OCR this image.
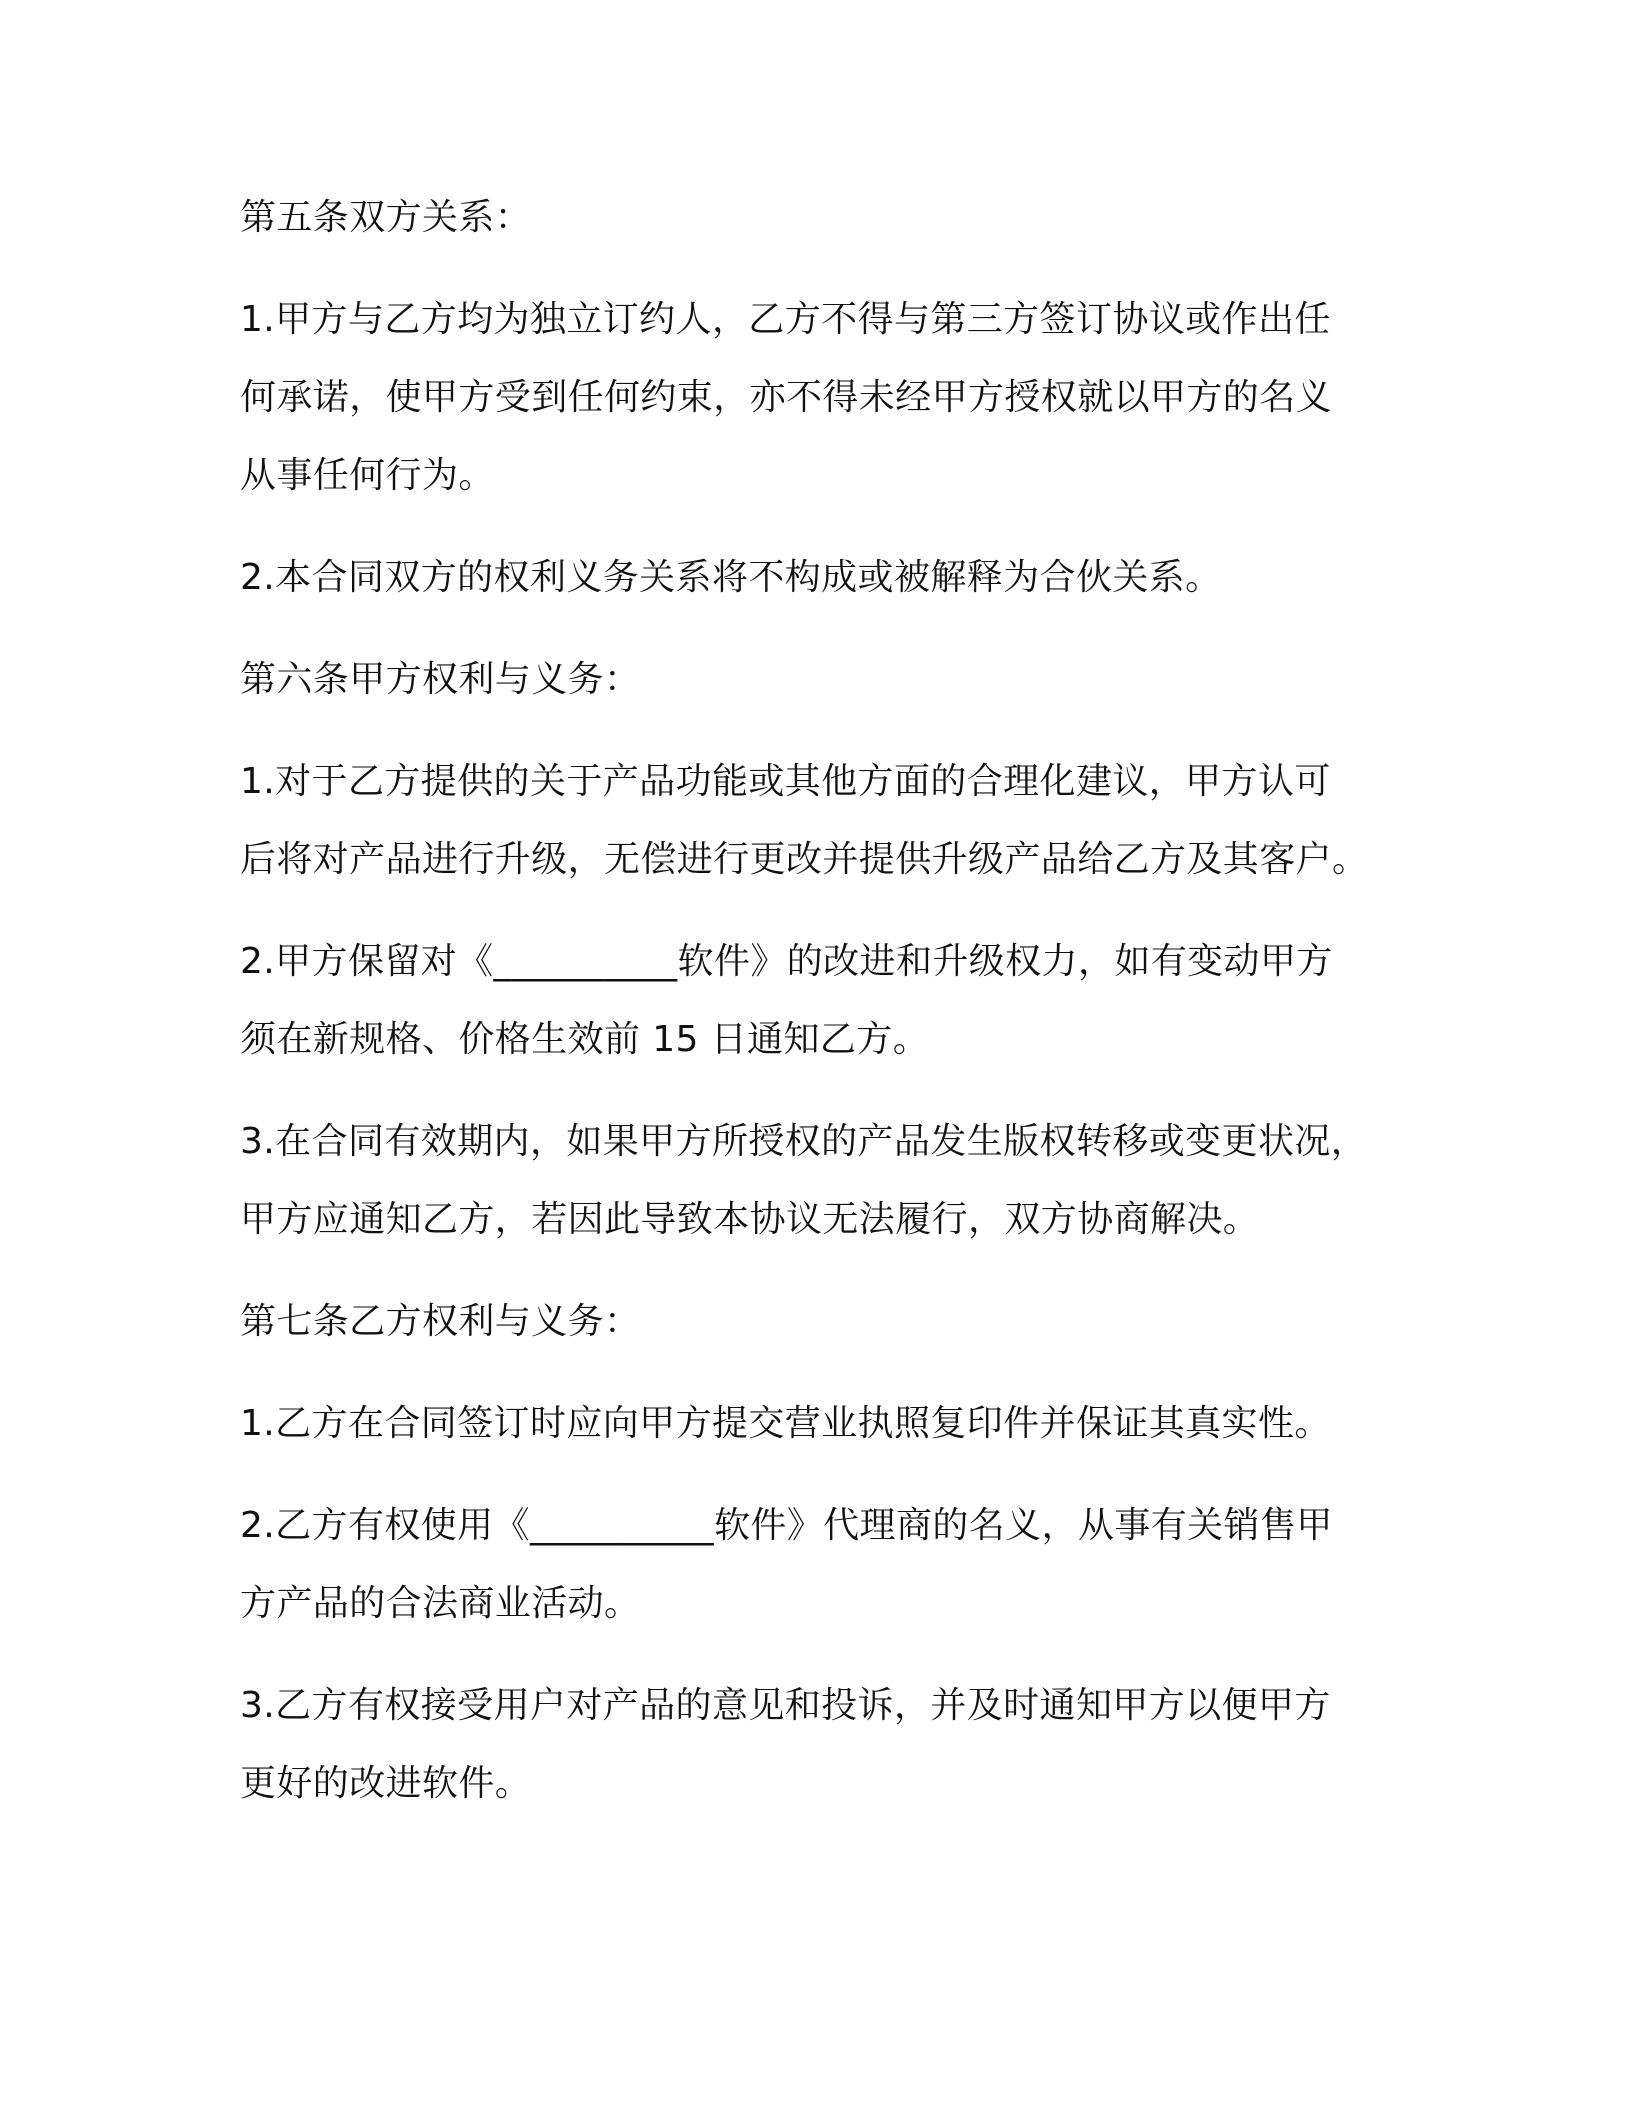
第五条双方关系：
1.甲方与乙方均为独立订约人，乙方不得与第三方签订协议或作出任
何承诺，使甲方受到任何约束，亦不得未经甲方授权就以甲方的名义
从事任何行为。
2.本合同双方的权利义务关系将不构成或被解释为合伙关系。
第六条甲方权利与义务：
1.对于乙方提供的关于产品功能或其他方面的合理化建议，甲方认可
后将对产品进行升级，无偿进行更改并提供升级产品给乙方及其客户。
2.甲方保留对《__________软件》的改进和升级权力，如有变动甲方
须在新规格、价格生效前 15 日通知乙方。
3.在合同有效期内，如果甲方所授权的产品发生版权转移或变更状况，
甲方应通知乙方，若因此导致本协议无法履行，双方协商解决。
第七条乙方权利与义务：
1.乙方在合同签订时应向甲方提交营业执照复印件并保证其真实性。
2.乙方有权使用《__________软件》代理商的名义，从事有关销售甲
方产品的合法商业活动。
3.乙方有权接受用户对产品的意见和投诉，并及时通知甲方以便甲方
更好的改进软件。
